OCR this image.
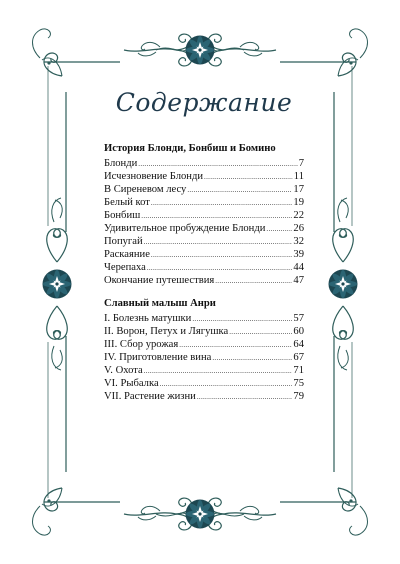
Содержание
История Блонди, Бонбиш и Бомино
Блонди .....	7
Исчезновение Блонди .....	11
В Сиреневом лесу .....	17
Белый кот .....	19
Бонбиш .....	22
Удивительное пробуждение Блонди .....	26
Попугай .....	32
Раскаяние .....	39
Черепаха .....	44
Окончание путешествия .....	47
Славный малыш Анри
I. Болезнь матушки .....	57
II. Ворон, Петух и Лягушка .....	60
III. Сбор урожая .....	64
IV. Приготовление вина .....	67
V. Охота .....	71
VI. Рыбалка .....	75
VII. Растение жизни .....	79
